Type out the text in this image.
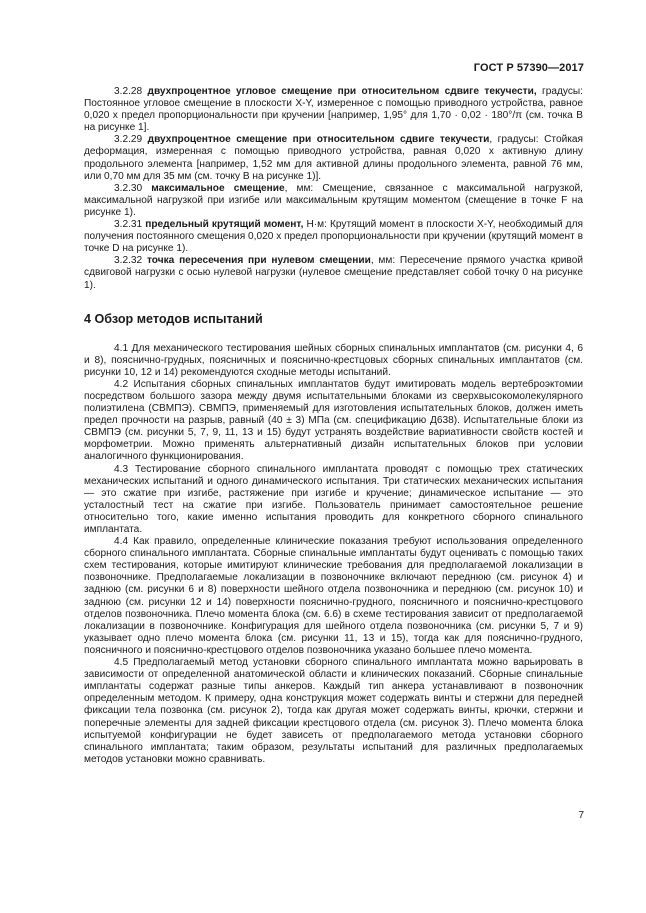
ГОСТ Р 57390—2017

3.2.28 двухпроцентное угловое смещение при относительном сдвиге текучести, градусы: Постоянное угловое смещение в плоскости X-Y, измеренное с помощью приводного устройства, равное 0,020 х предел пропорциональности при кручении [например, 1,95° для 1,70 · 0,02 · 180°/π (см. точка B на рисунке 1].

3.2.29 двухпроцентное смещение при относительном сдвиге текучести, градусы: Стойкая деформация, измеренная с помощью приводного устройства, равная 0,020 х активную длину продольного элемента [например, 1,52 мм для активной длины продольного элемента, равной 76 мм, или 0,70 мм для 35 мм (см. точку B на рисунке 1)].

3.2.30 максимальное смещение, мм: Смещение, связанное с максимальной нагрузкой, максимальной нагрузкой при изгибе или максимальным крутящим моментом (смещение в точке F на рисунке 1).

3.2.31 предельный крутящий момент, Н·м: Крутящий момент в плоскости X-Y, необходимый для получения постоянного смещения 0,020 х предел пропорциональности при кручении (крутящий момент в точке D на рисунке 1).

3.2.32 точка пересечения при нулевом смещении, мм: Пересечение прямого участка кривой сдвиговой нагрузки с осью нулевой нагрузки (нулевое смещение представляет собой точку 0 на рисунке 1).

4 Обзор методов испытаний

4.1 Для механического тестирования шейных сборных спинальных имплантатов (см. рисунки 4, 6 и 8), пояснично-грудных, поясничных и пояснично-крестцовых сборных спинальных имплантатов (см. рисунки 10, 12 и 14) рекомендуются сходные методы испытаний.

4.2 Испытания сборных спинальных имплантатов будут имитировать модель вертеброэктомии посредством большого зазора между двумя испытательными блоками из сверхвысокомолекулярного полиэтилена (СВМПЭ). СВМПЭ, применяемый для изготовления испытательных блоков, должен иметь предел прочности на разрыв, равный (40 ± 3) МПа (см. спецификацию Д638). Испытательные блоки из СВМПЭ (см. рисунки 5, 7, 9, 11, 13 и 15) будут устранять воздействие вариативности свойств костей и морфометрии. Можно применять альтернативный дизайн испытательных блоков при условии аналогичного функционирования.

4.3 Тестирование сборного спинального имплантата проводят с помощью трех статических механических испытаний и одного динамического испытания. Три статических механических испытания — это сжатие при изгибе, растяжение при изгибе и кручение; динамическое испытание — это усталостный тест на сжатие при изгибе. Пользователь принимает самостоятельное решение относительно того, какие именно испытания проводить для конкретного сборного спинального имплантата.

4.4 Как правило, определенные клинические показания требуют использования определенного сборного спинального имплантата. Сборные спинальные имплантаты будут оценивать с помощью таких схем тестирования, которые имитируют клинические требования для предполагаемой локализации в позвоночнике. Предполагаемые локализации в позвоночнике включают переднюю (см. рисунок 4) и заднюю (см. рисунки 6 и 8) поверхности шейного отдела позвоночника и переднюю (см. рисунок 10) и заднюю (см. рисунки 12 и 14) поверхности пояснично-грудного, поясничного и пояснично-крестцового отделов позвоночника. Плечо момента блока (см. 6.6) в схеме тестирования зависит от предполагаемой локализации в позвоночнике. Конфигурация для шейного отдела позвоночника (см. рисунки 5, 7 и 9) указывает одно плечо момента блока (см. рисунки 11, 13 и 15), тогда как для пояснично-грудного, поясничного и пояснично-крестцового отделов позвоночника указано большее плечо момента.

4.5 Предполагаемый метод установки сборного спинального имплантата можно варьировать в зависимости от определенной анатомической области и клинических показаний. Сборные спинальные имплантаты содержат разные типы анкеров. Каждый тип анкера устанавливают в позвоночник определенным методом. К примеру, одна конструкция может содержать винты и стержни для передней фиксации тела позвонка (см. рисунок 2), тогда как другая может содержать винты, крючки, стержни и поперечные элементы для задней фиксации крестцового отдела (см. рисунок 3). Плечо момента блока испытуемой конфигурации не будет зависеть от предполагаемого метода установки сборного спинального имплантата; таким образом, результаты испытаний для различных предполагаемых методов установки можно сравнивать.

7
